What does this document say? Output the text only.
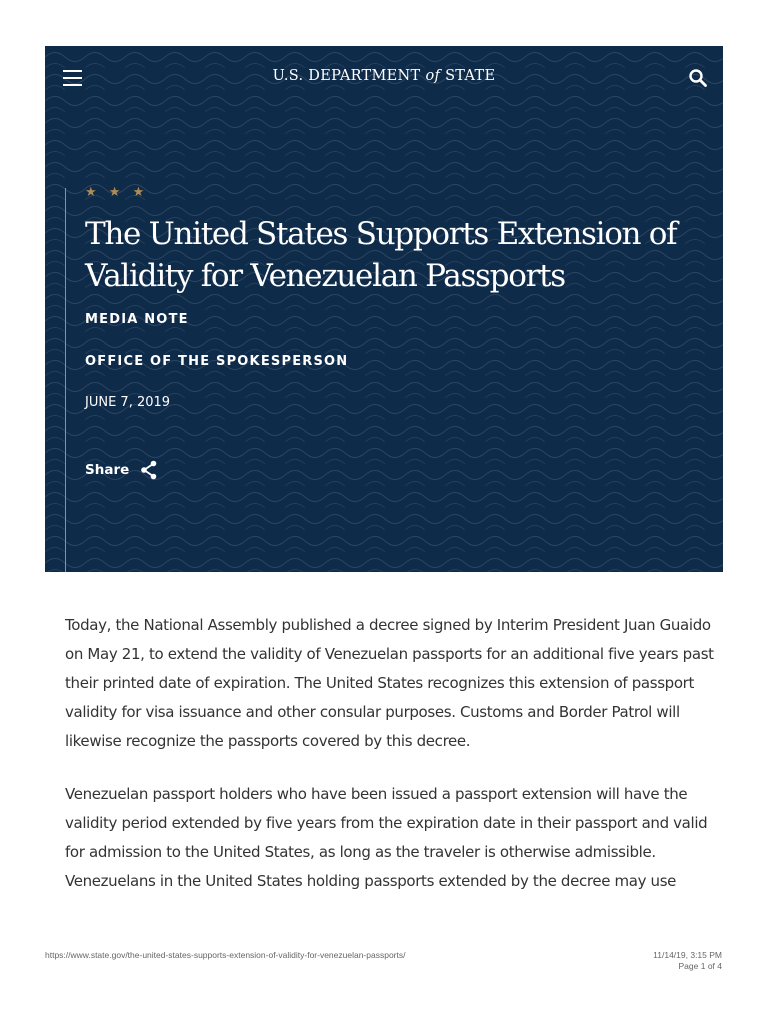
U.S. DEPARTMENT of STATE
★ ★ ★
The United States Supports Extension of Validity for Venezuelan Passports
MEDIA NOTE
OFFICE OF THE SPOKESPERSON
JUNE 7, 2019
Share

Today, the National Assembly published a decree signed by Interim President Juan Guaido on May 21, to extend the validity of Venezuelan passports for an additional five years past their printed date of expiration. The United States recognizes this extension of passport validity for visa issuance and other consular purposes. Customs and Border Patrol will likewise recognize the passports covered by this decree.

Venezuelan passport holders who have been issued a passport extension will have the validity period extended by five years from the expiration date in their passport and valid for admission to the United States, as long as the traveler is otherwise admissible. Venezuelans in the United States holding passports extended by the decree may use

https://www.state.gov/the-united-states-supports-extension-of-validity-for-venezuelan-passports/	11/14/19, 3:15 PM
Page 1 of 4
